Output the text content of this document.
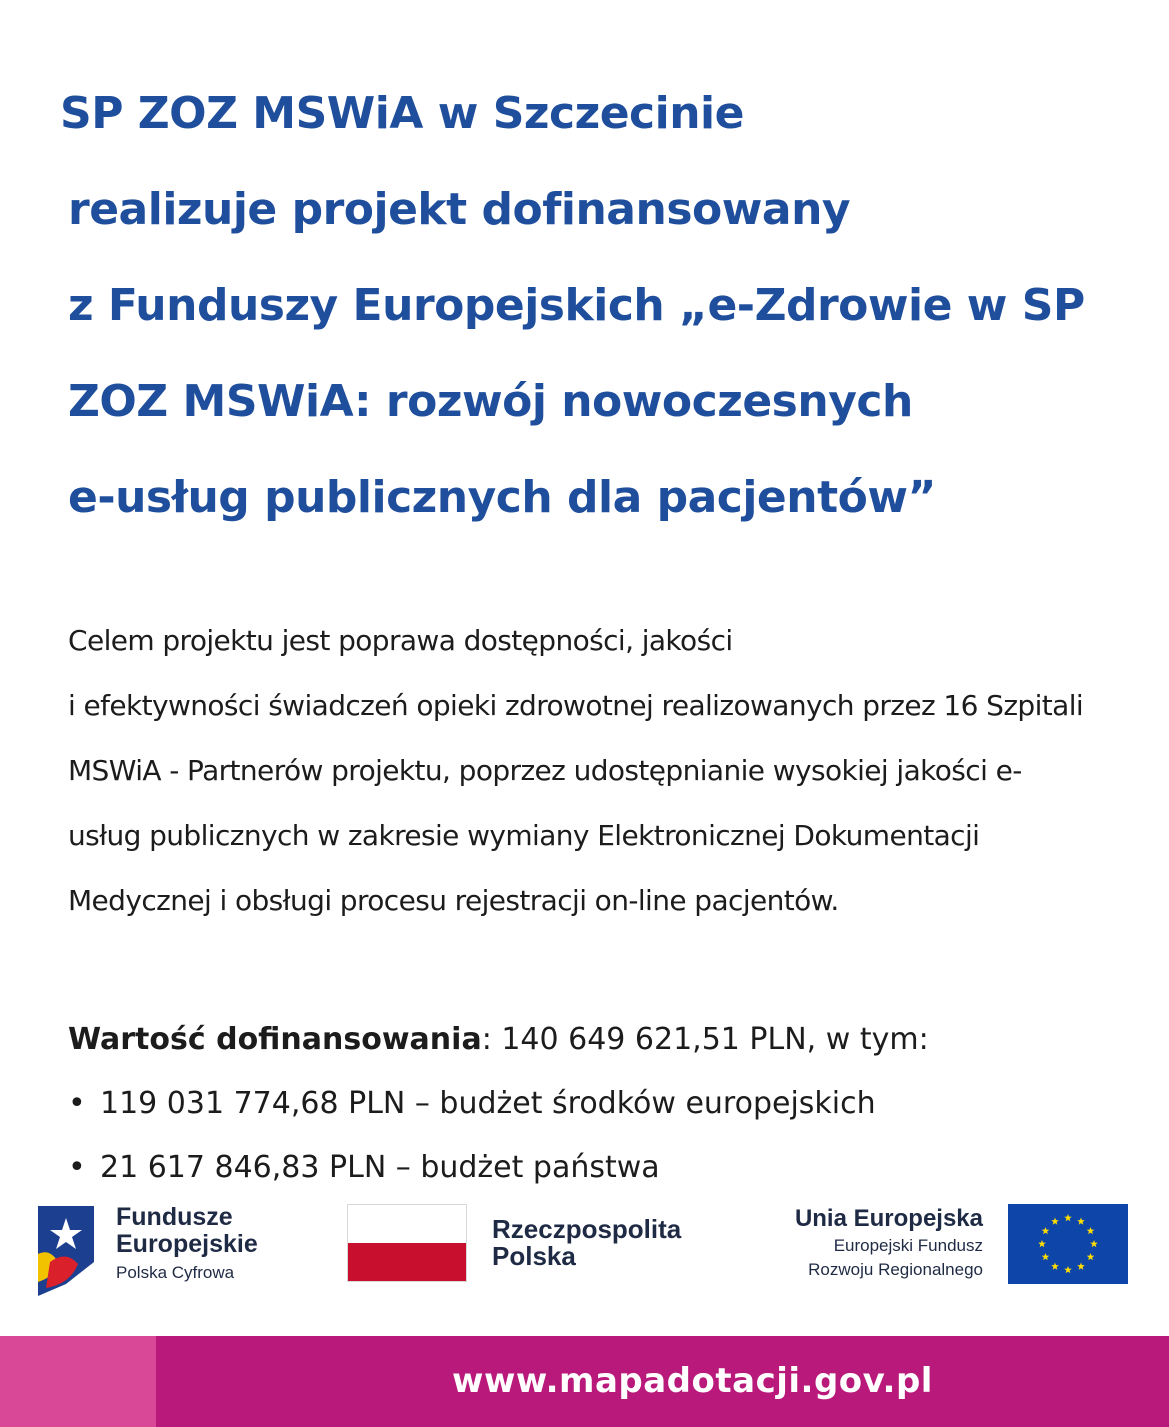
SP ZOZ MSWiA w Szczecinie
realizuje projekt dofinansowany
z Funduszy Europejskich „e-Zdrowie w SP
ZOZ MSWiA: rozwój nowoczesnych
e-usług publicznych dla pacjentów”
Celem projektu jest poprawa dostępności, jakości
i efektywności świadczeń opieki zdrowotnej realizowanych przez 16 Szpitali
MSWiA - Partnerów projektu, poprzez udostępnianie wysokiej jakości e-
usług publicznych w zakresie wymiany Elektronicznej Dokumentacji
Medycznej i obsługi procesu rejestracji on-line pacjentów.
Wartość dofinansowania: 140 649 621,51 PLN, w tym:
• 119 031 774,68 PLN – budżet środków europejskich
• 21 617 846,83 PLN – budżet państwa
Fundusze
Europejskie
Polska Cyfrowa
Rzeczpospolita
Polska
Unia Europejska
Europejski Fundusz
Rozwoju Regionalnego
www.mapadotacji.gov.pl
